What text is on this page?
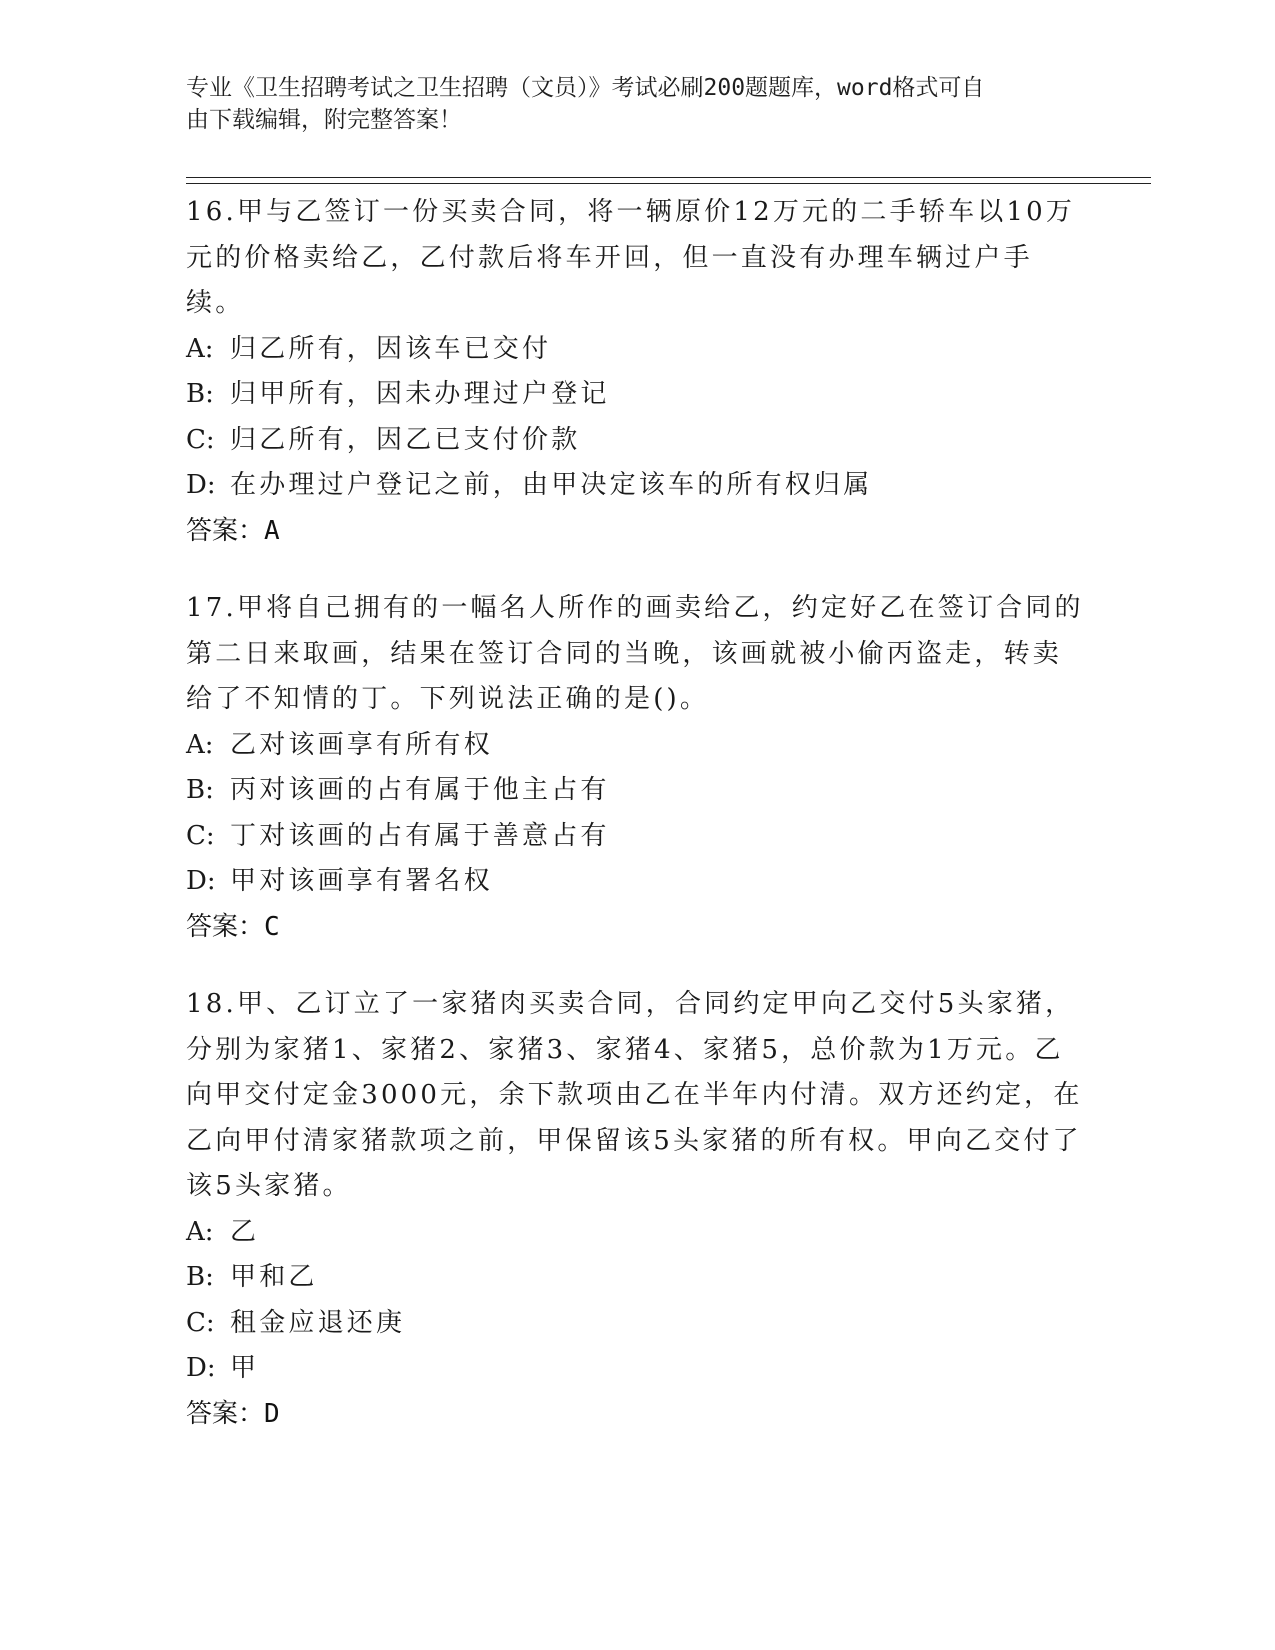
专业《卫生招聘考试之卫生招聘（文员）》考试必刷200题题库，word格式可自
由下载编辑，附完整答案！

16.甲与乙签订一份买卖合同，将一辆原价12万元的二手轿车以10万元的价格卖给乙，乙付款后将车开回，但一直没有办理车辆过户手续。

A: 归乙所有，因该车已交付

B: 归甲所有，因未办理过户登记

C: 归乙所有，因乙已支付价款

D: 在办理过户登记之前，由甲决定该车的所有权归属

答案：A

17.甲将自己拥有的一幅名人所作的画卖给乙，约定好乙在签订合同的第二日来取画，结果在签订合同的当晚，该画就被小偷丙盗走，转卖给了不知情的丁。下列说法正确的是()。

A: 乙对该画享有所有权

B: 丙对该画的占有属于他主占有

C: 丁对该画的占有属于善意占有

D: 甲对该画享有署名权

答案：C

18.甲、乙订立了一家猪肉买卖合同，合同约定甲向乙交付5头家猪，分别为家猪1、家猪2、家猪3、家猪4、家猪5，总价款为1万元。乙向甲交付定金3000元，余下款项由乙在半年内付清。双方还约定，在乙向甲付清家猪款项之前，甲保留该5头家猪的所有权。甲向乙交付了该5头家猪。

A: 乙

B: 甲和乙

C: 租金应退还庚

D: 甲

答案：D
